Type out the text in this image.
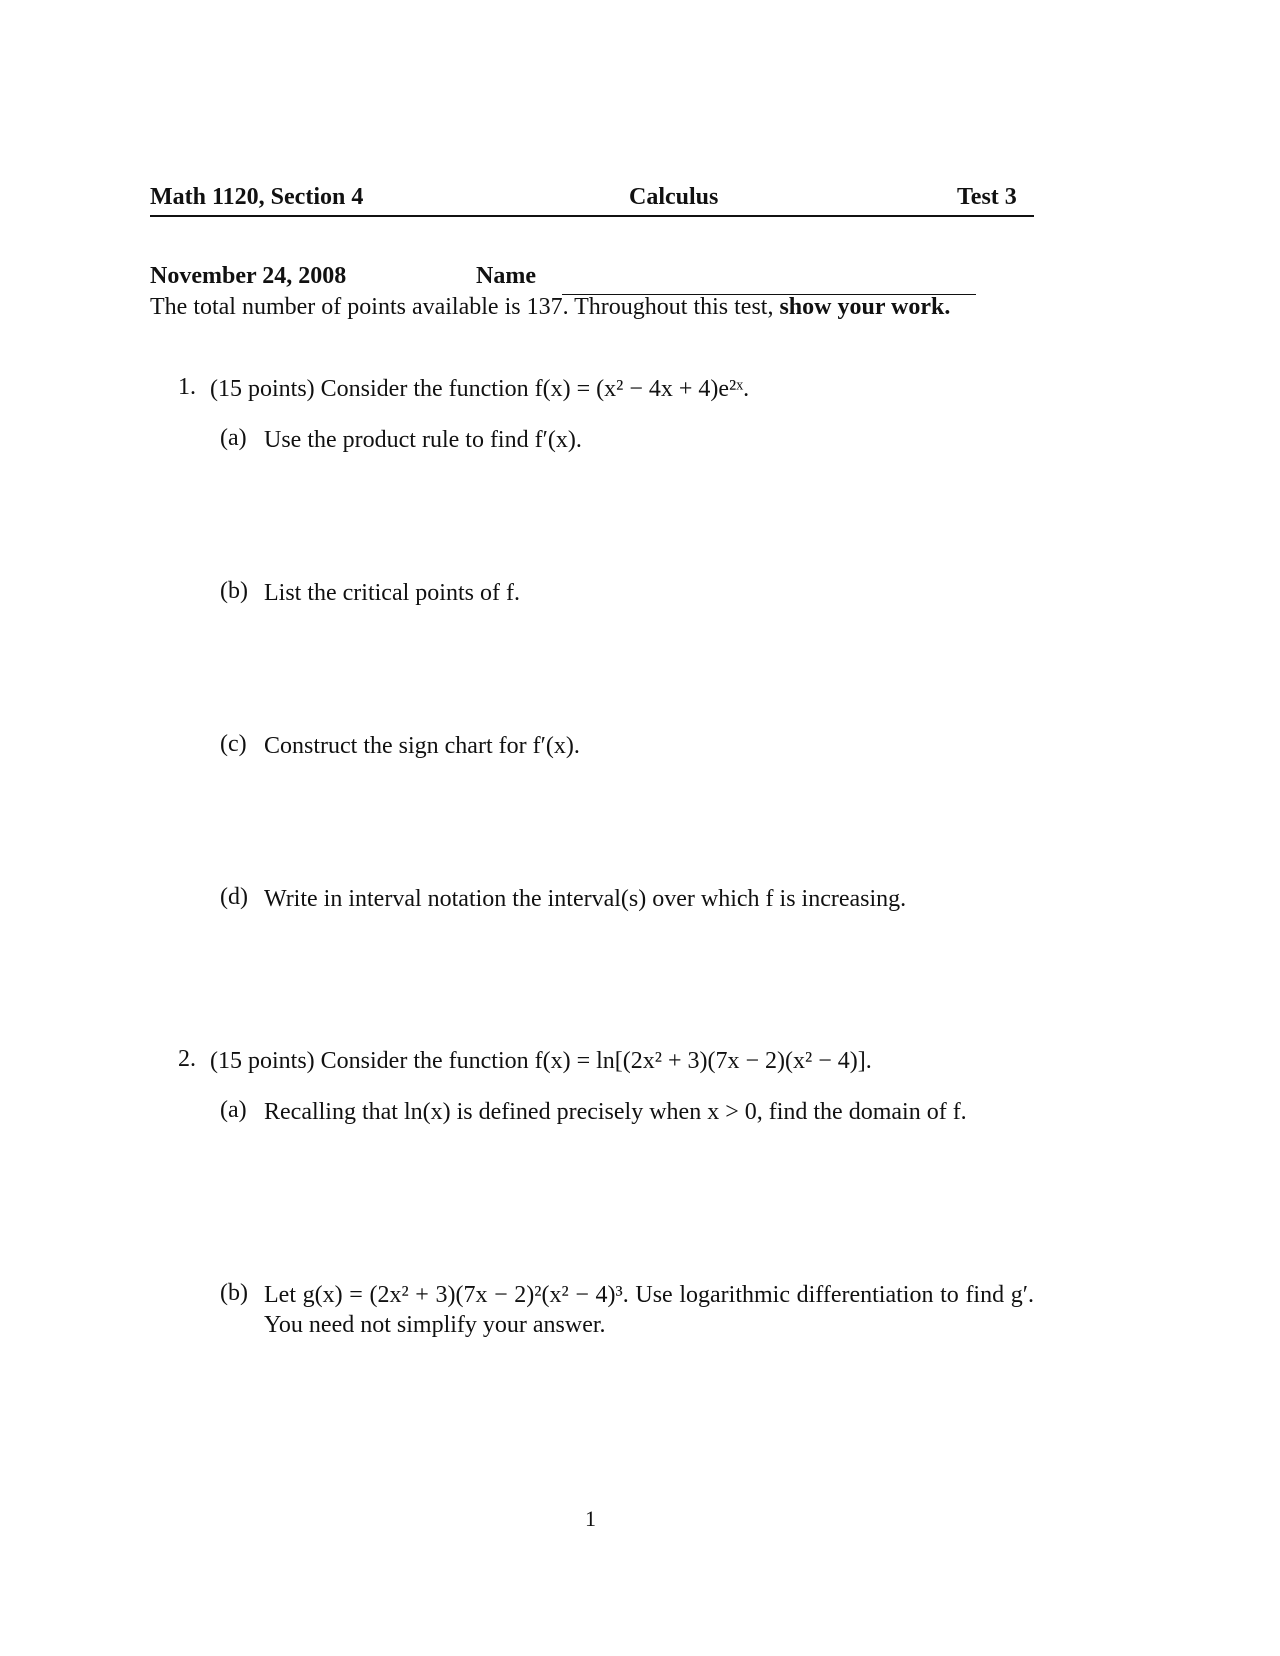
Math 1120, Section 4	Calculus	Test 3
November 24, 2008	Name
The total number of points available is 137. Throughout this test, show your work.
1. (15 points) Consider the function f(x) = (x² − 4x + 4)e²ˣ.
(a) Use the product rule to find f′(x).
(b) List the critical points of f.
(c) Construct the sign chart for f′(x).
(d) Write in interval notation the interval(s) over which f is increasing.
2. (15 points) Consider the function f(x) = ln[(2x² + 3)(7x − 2)(x² − 4)].
(a) Recalling that ln(x) is defined precisely when x > 0, find the domain of f.
(b) Let g(x) = (2x² + 3)(7x − 2)²(x² − 4)³. Use logarithmic differentiation to find g′. You need not simplify your answer.
1
